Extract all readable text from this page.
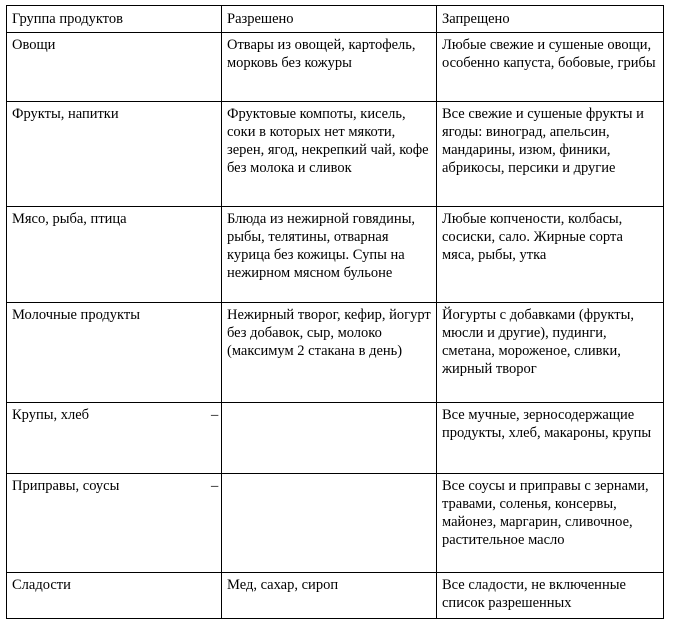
Группа продуктов	Разрешено	Запрещено
Овощи	Отвары из овощей, картофель, морковь без кожуры	Любые свежие и сушеные овощи, особенно капуста, бобовые, грибы
Фрукты, напитки	Фруктовые компоты, кисель, соки в которых нет мякоти, зерен, ягод, некрепкий чай, кофе без молока и сливок	Все свежие и сушеные фрукты и ягоды: виноград, апельсин, мандарины, изюм, финики, абрикосы, персики и другие
Мясо, рыба, птица	Блюда из нежирной говядины, рыбы, телятины, отварная курица без кожицы. Супы на нежирном мясном бульоне	Любые копчености, колбасы, сосиски, сало. Жирные сорта мяса, рыбы, утка
Молочные продукты	Нежирный творог, кефир, йогурт без добавок, сыр, молоко (максимум 2 стакана в день)	Йогурты с добавками (фрукты, мюсли и другие), пудинги, сметана, мороженое, сливки, жирный творог
Крупы, хлеб	–	Все мучные, зерносодержащие продукты, хлеб, макароны, крупы
Приправы, соусы	–	Все соусы и приправы с зернами, травами, соленья, консервы, майонез, маргарин, сливочное, растительное масло
Сладости	Мед, сахар, сироп	Все сладости, не включенные список разрешенных
